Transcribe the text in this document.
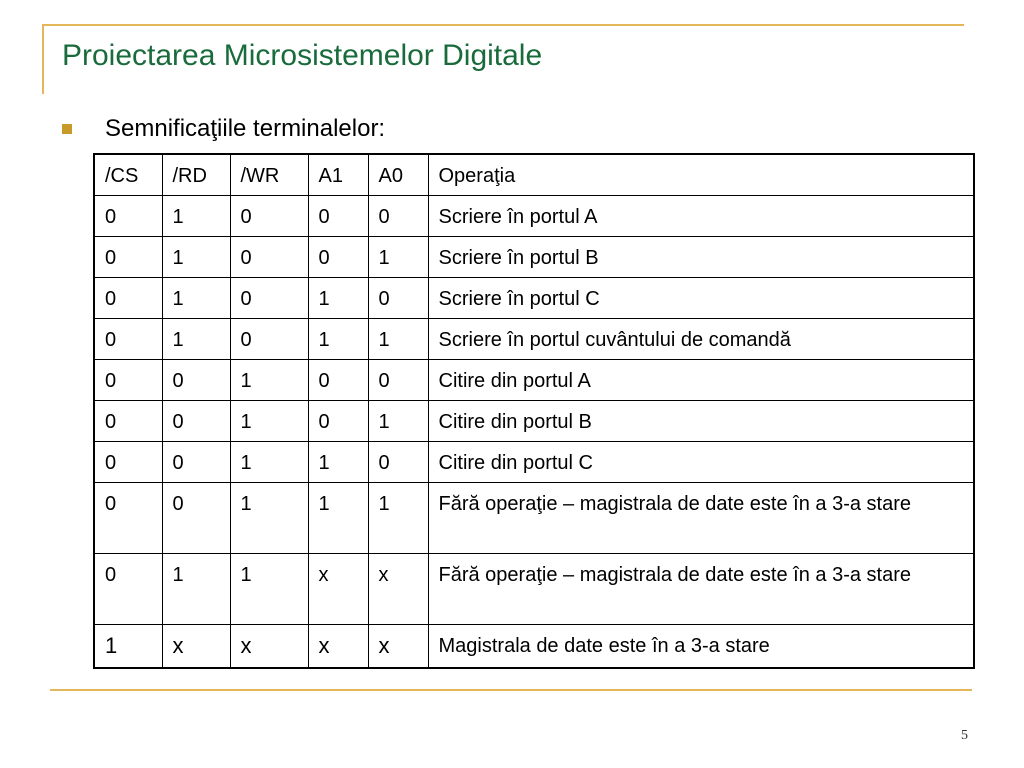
Proiectarea Microsistemelor Digitale
Semnificaţiile terminalelor:
/CS	/RD	/WR	A1	A0	Operaţia
0	1	0	0	0	Scriere în portul A
0	1	0	0	1	Scriere în portul B
0	1	0	1	0	Scriere în portul C
0	1	0	1	1	Scriere în portul cuvântului de comandă
0	0	1	0	0	Citire din portul A
0	0	1	0	1	Citire din portul B
0	0	1	1	0	Citire din portul C
0	0	1	1	1	Fără operaţie – magistrala de date este în a 3-a stare
0	1	1	x	x	Fără operaţie – magistrala de date este în a 3-a stare
1	x	x	x	x	Magistrala de date este în a 3-a stare
5
